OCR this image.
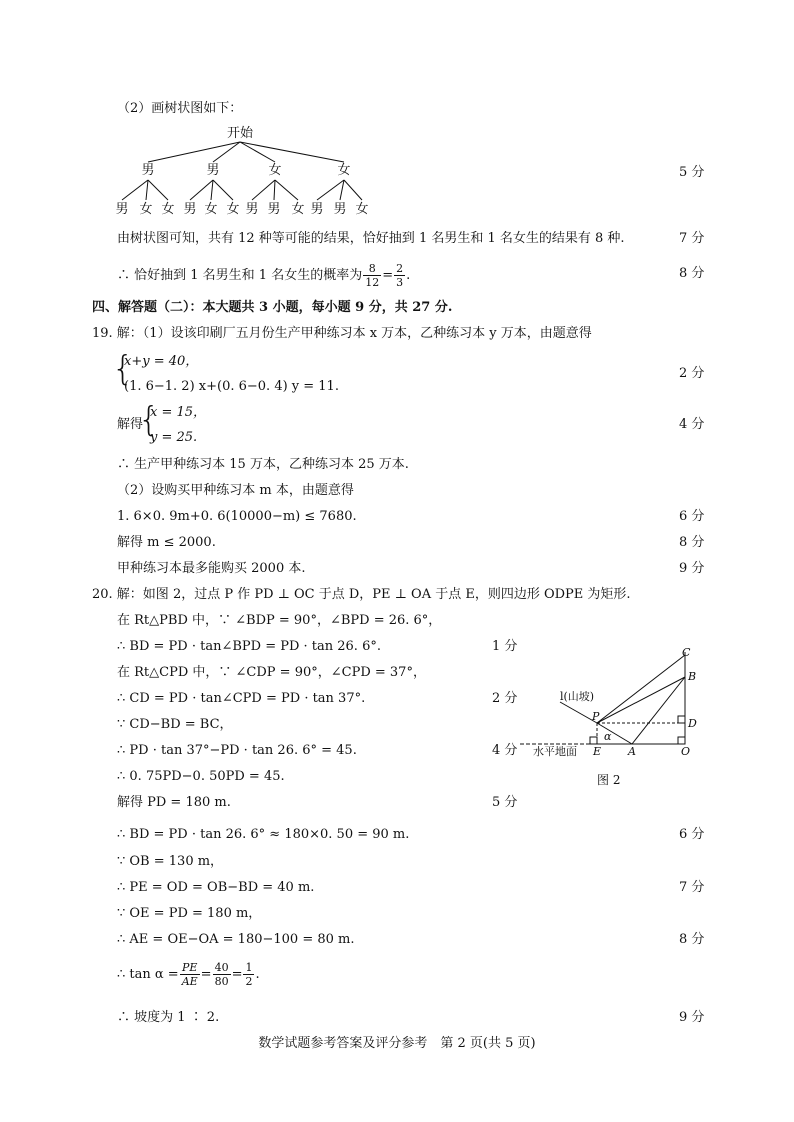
（2）画树状图如下：
开始
男	男	女	女
男 女 女 男 女 女 男 男 女 男 男 女
5 分
由树状图可知，共有 12 种等可能的结果，恰好抽到 1 名男生和 1 名女生的结果有 8 种.	7 分
∴ 恰好抽到 1 名男生和 1 名女生的概率为 $\frac{8}{12} = \frac{2}{3}$ .	8 分
四、解答题（二）：本大题共 3 小题，每小题 9 分，共 27 分.
19. 解：（1）设该印刷厂五月份生产甲种练习本 x 万本，乙种练习本 y 万本，由题意得
{
x+y = 40，
(1. 6−1. 2) x+(0. 6−0. 4) y = 11.
2 分
解得	4 分
{
x = 15，
y = 25.
∴ 生产甲种练习本 15 万本，乙种练习本 25 万本.
（2）设购买甲种练习本 m 本，由题意得
1. 6×0. 9m+0. 6(10000−m) ≤ 7680.	6 分
解得 m ≤ 2000.	8 分
甲种练习本最多能购买 2000 本.	9 分
20. 解：如图 2，过点 P 作 PD ⊥ OC 于点 D，PE ⊥ OA 于点 E，则四边形 ODPE 为矩形.
在 Rt△PBD 中，∵ ∠BDP = 90°，∠BPD = 26. 6°，
∴ BD = PD · tan∠BPD = PD · tan 26. 6°.	1 分
在 Rt△CPD 中，∵ ∠CDP = 90°，∠CPD = 37°，
∴ CD = PD · tan∠CPD = PD · tan 37°.	2 分
∵ CD−BD = BC，
∴ PD · tan 37°−PD · tan 26. 6° = 45.	4 分
∴ 0. 75PD−0. 50PD = 45.
解得 PD = 180 m.	5 分
∴ BD = PD · tan 26. 6° ≈ 180×0. 50 = 90 m.	6 分
∵ OB = 130 m，
∴ PE = OD = OB−BD = 40 m.	7 分
∵ OE = PD = 180 m，
∴ AE = OE−OA = 180−100 = 80 m.	8 分
∴ $\tan \alpha = \frac{PE}{AE} = \frac{40}{80} = \frac{1}{2}$ .
∴ 坡度为 1 ∶ 2.	9 分
C
B
D
P
E A	O
α
l(山坡)
水平地面
图 2
数学试题参考答案及评分参考　第 2 页(共 5 页)
